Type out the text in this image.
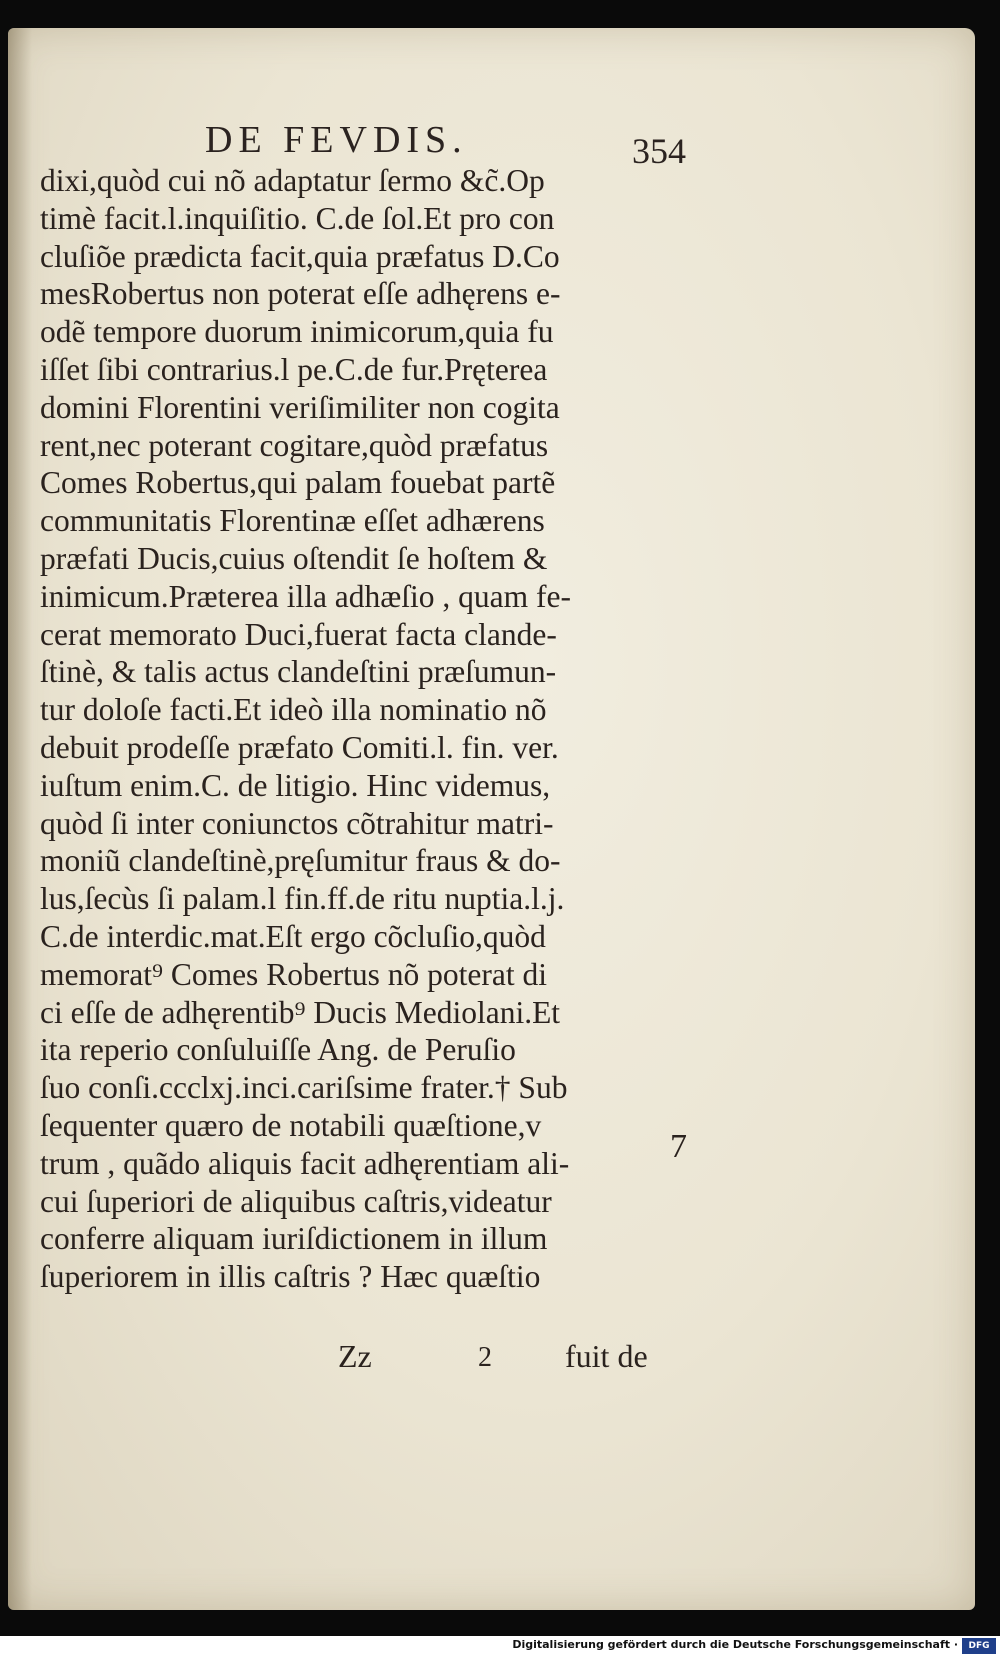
DE FEVDIS.	354
dixi,quòd cui nõ adaptatur ſermo &c̃.Op
timè facit.l.inquiſitio. C.de ſol.Et pro con
cluſiõe prædicta facit,quia præfatus D.Co
mesRobertus non poterat eſſe adhęrens e-
odẽ tempore duorum inimicorum,quia fu
iſſet ſibi contrarius.l pe.C.de fur.Pręterea
domini Florentini veriſimiliter non cogita
rent,nec poterant cogitare,quòd præfatus
Comes Robertus,qui palam fouebat partẽ
communitatis Florentinæ eſſet adhærens
præfati Ducis,cuius oſtendit ſe hoſtem &
inimicum.Præterea illa adhæſio , quam fe-
cerat memorato Duci,fuerat facta clande-
ſtinè, & talis actus clandeſtini præſumun-
tur doloſe facti.Et ideò illa nominatio nõ
debuit prodeſſe præfato Comiti.l. fin. ver.
iuſtum enim.C. de litigio. Hinc videmus,
quòd ſi inter coniunctos cõtrahitur matri-
moniũ clandeſtinè,pręſumitur fraus & do-
lus,ſecùs ſi palam.l fin.ff.de ritu nuptia.l.j.
C.de interdic.mat.Eſt ergo cõcluſio,quòd
memorat⁹ Comes Robertus nõ poterat di
ci eſſe de adhęrentib⁹ Ducis Mediolani.Et
ita reperio conſuluiſſe Ang. de Peruſio
ſuo conſi.ccclxj.inci.cariſsime frater.† Sub
ſequenter quæro de notabili quæſtione,v
trum , quãdo aliquis facit adhęrentiam ali-
cui ſuperiori de aliquibus caſtris,videatur
conferre aliquam iuriſdictionem in illum
ſuperiorem in illis caſtris ? Hæc quæſtio
7
Zz	2 fuit de
Digitalisierung gefördert durch die Deutsche Forschungsgemeinschaft ·	DFG
